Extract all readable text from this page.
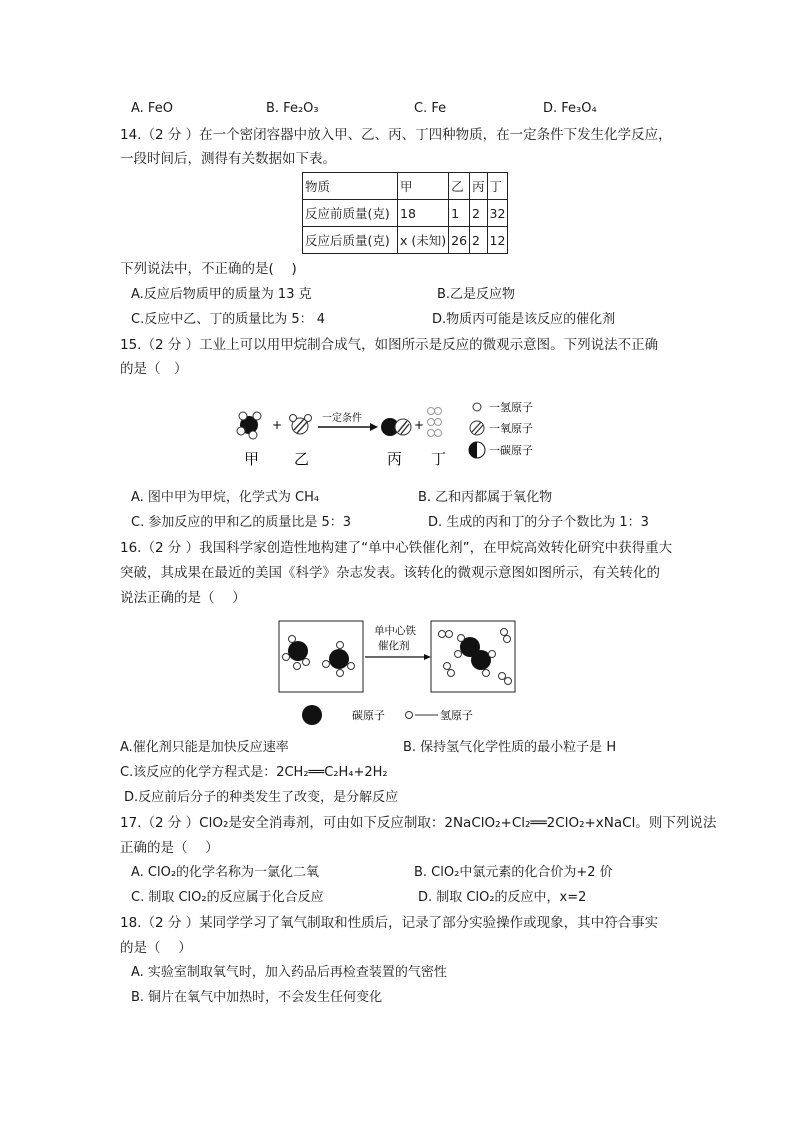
A. FeO	B. Fe₂O₃	C. Fe	D. Fe₃O₄
14.（2 分 ）在一个密闭容器中放入甲、乙、丙、丁四种物质，在一定条件下发生化学反应，
一段时间后，测得有关数据如下表。
物质	甲	乙	丙	丁
反应前质量(克)	18	1	2	32
反应后质量(克)	x (未知)	26	2	12
下列说法中，不正确的是(　 )
A.反应后物质甲的质量为 13 克	B.乙是反应物
C.反应中乙、丁的质量比为 5： 4	D.物质丙可能是该反应的催化剂
15.（2 分 ）工业上可以用甲烷制合成气，如图所示是反应的微观示意图。下列说法不正确
的是（　）
+	一定条件	+
甲 乙	丙 丁
一氢原子
一氧原子
一碳原子
A. 图中甲为甲烷，化学式为 CH₄	B. 乙和丙都属于氧化物
C. 参加反应的甲和乙的质量比是 5：3	D. 生成的丙和丁的分子个数比为 1：3
16.（2 分 ）我国科学家创造性地构建了“单中心铁催化剂”，在甲烷高效转化研究中获得重大
突破，其成果在最近的美国《科学》杂志发表。该转化的微观示意图如图所示，有关转化的
说法正确的是（　 ）
单中心铁
催化剂
碳原子	氢原子
A.催化剂只能是加快反应速率	B. 保持氢气化学性质的最小粒子是 H
C.该反应的化学方程式是：2CH₂══C₂H₄+2H₂
D.反应前后分子的种类发生了改变，是分解反应
17.（2 分 ）ClO₂是安全消毒剂，可由如下反应制取：2NaClO₂+Cl₂══2ClO₂+xNaCl。则下列说法
正确的是（　 ）
A. ClO₂的化学名称为一氯化二氧	B. ClO₂中氯元素的化合价为+2 价
C. 制取 ClO₂的反应属于化合反应	D. 制取 ClO₂的反应中，x=2
18.（2 分 ）某同学学习了氧气制取和性质后，记录了部分实验操作或现象，其中符合事实
的是（　 ）
A. 实验室制取氧气时，加入药品后再检查装置的气密性
B. 铜片在氧气中加热时，不会发生任何变化
